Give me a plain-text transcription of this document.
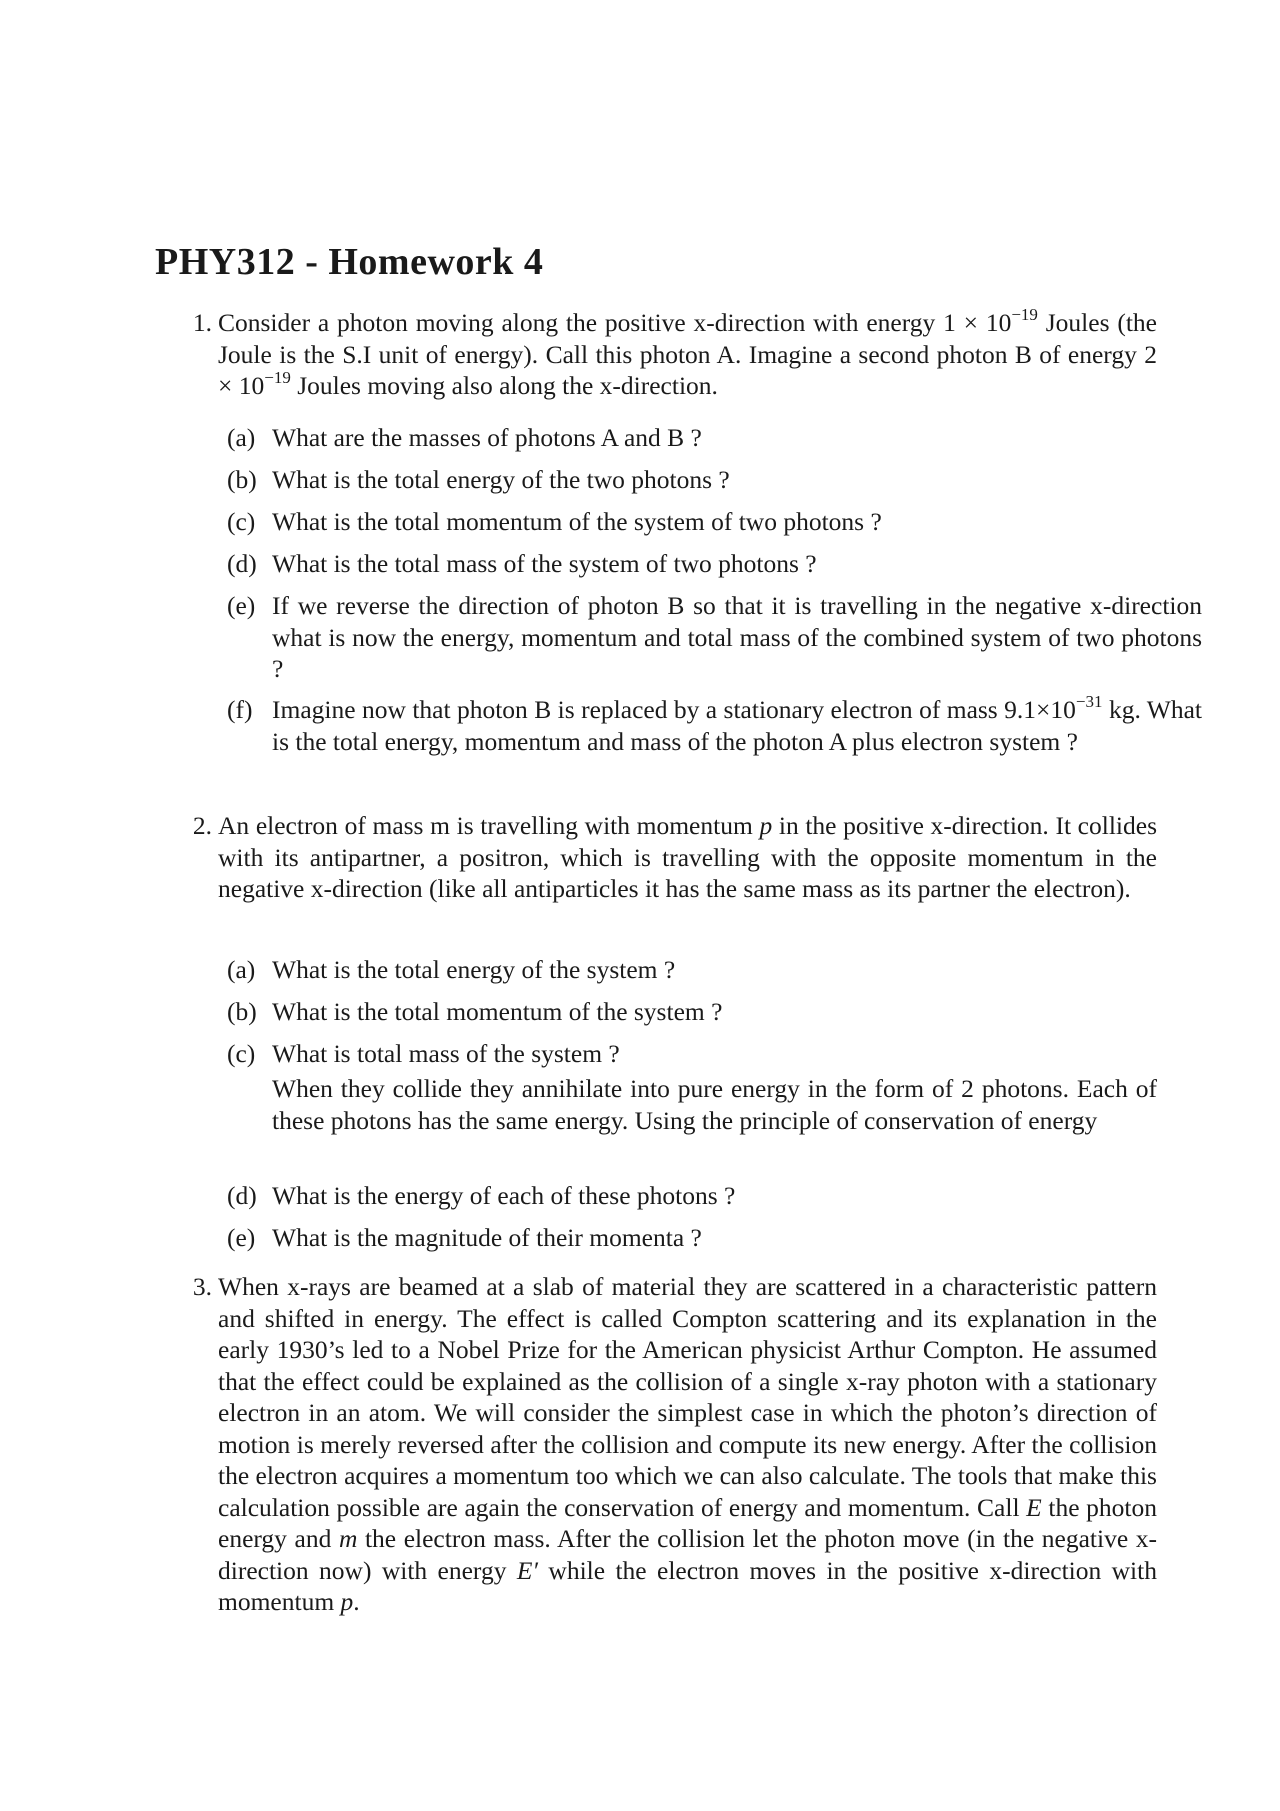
PHY312 - Homework 4
1. Consider a photon moving along the positive x-direction with energy $1 \times 10^{-19}$ Joules (the Joule is the S.I unit of energy). Call this photon A. Imagine a second photon B of energy $2 \times 10^{-19}$ Joules moving also along the x-direction.
(a) What are the masses of photons A and B ?
(b) What is the total energy of the two photons ?
(c) What is the total momentum of the system of two photons ?
(d) What is the total mass of the system of two photons ?
(e) If we reverse the direction of photon B so that it is travelling in the negative x-direction what is now the energy, momentum and total mass of the combined system of two photons ?
(f) Imagine now that photon B is replaced by a stationary electron of mass $9.1\times 10^{-31}$ kg. What is the total energy, momentum and mass of the photon A plus electron system ?
2. An electron of mass m is travelling with momentum p in the positive x-direction. It collides with its antipartner, a positron, which is travelling with the opposite momentum in the negative x-direction (like all antiparticles it has the same mass as its partner the electron).
(a) What is the total energy of the system ?
(b) What is the total momentum of the system ?
(c) What is total mass of the system ?
(d) What is the energy of each of these photons ?
(e) What is the magnitude of their momenta ?
When they collide they annihilate into pure energy in the form of 2 photons. Each of these photons has the same energy. Using the principle of conservation of energy
3. When x-rays are beamed at a slab of material they are scattered in a characteristic pattern and shifted in energy. The effect is called Compton scattering and its explanation in the early 1930’s led to a Nobel Prize for the American physicist Arthur Compton. He assumed that the effect could be explained as the collision of a single x-ray photon with a stationary electron in an atom. We will consider the simplest case in which the photon’s direction of motion is merely reversed after the collision and compute its new energy. After the collision the electron acquires a momentum too which we can also calculate. The tools that make this calculation possible are again the conservation of energy and momentum. Call E the photon energy and m the electron mass. After the collision let the photon move (in the negative x-direction now) with energy E′ while the electron moves in the positive x-direction with momentum p.
